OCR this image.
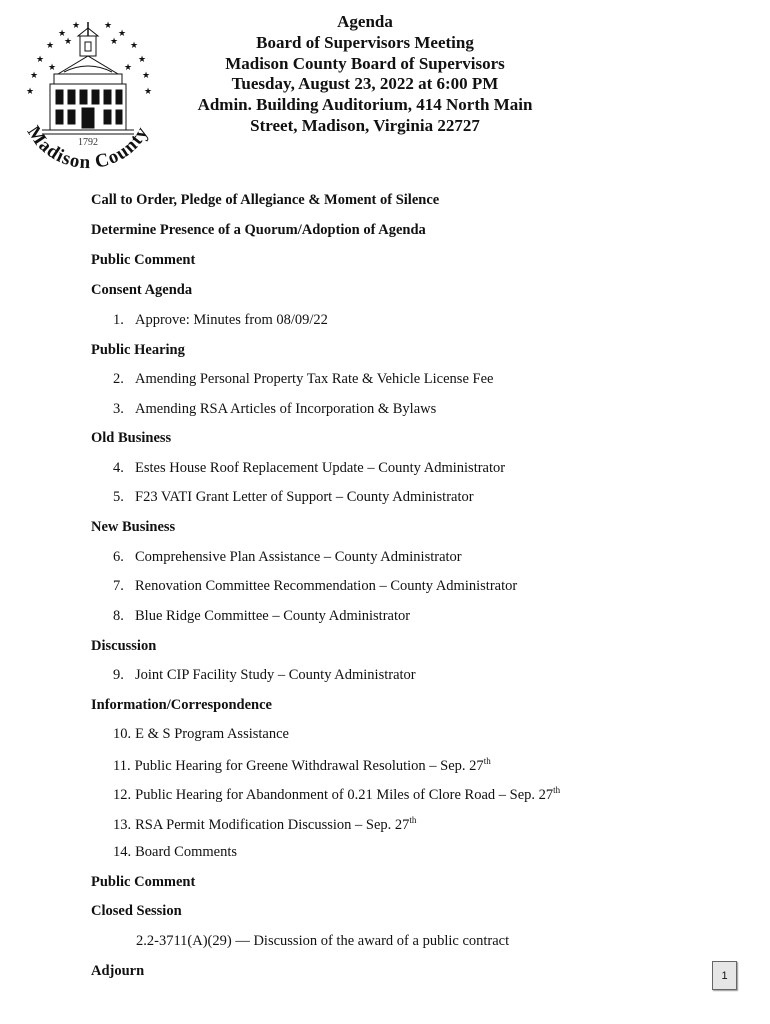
★
★	★
★
★
★
★
★
★
★
★
★
★	★
★	★
1792
Madison County
Agenda
Board of Supervisors Meeting
Madison County Board of Supervisors
Tuesday, August 23, 2022 at 6:00 PM
Admin. Building Auditorium, 414 North Main
Street, Madison, Virginia 22727
Call to Order, Pledge of Allegiance & Moment of Silence
Determine Presence of a Quorum/Adoption of Agenda
Public Comment
Consent Agenda
1. Approve: Minutes from 08/09/22
Public Hearing
2. Amending Personal Property Tax Rate & Vehicle License Fee
3. Amending RSA Articles of Incorporation & Bylaws
Old Business
4. Estes House Roof Replacement Update – County Administrator
5. F23 VATI Grant Letter of Support – County Administrator
New Business
6. Comprehensive Plan Assistance – County Administrator
7. Renovation Committee Recommendation – County Administrator
8. Blue Ridge Committee – County Administrator
Discussion
9. Joint CIP Facility Study – County Administrator
Information/Correspondence
10. E & S Program Assistance
11. Public Hearing for Greene Withdrawal Resolution – Sep. 27th
12. Public Hearing for Abandonment of 0.21 Miles of Clore Road – Sep. 27th
13. RSA Permit Modification Discussion – Sep. 27th
14. Board Comments
Public Comment
Closed Session
2.2-3711(A)(29) — Discussion of the award of a public contract
Adjourn	1
